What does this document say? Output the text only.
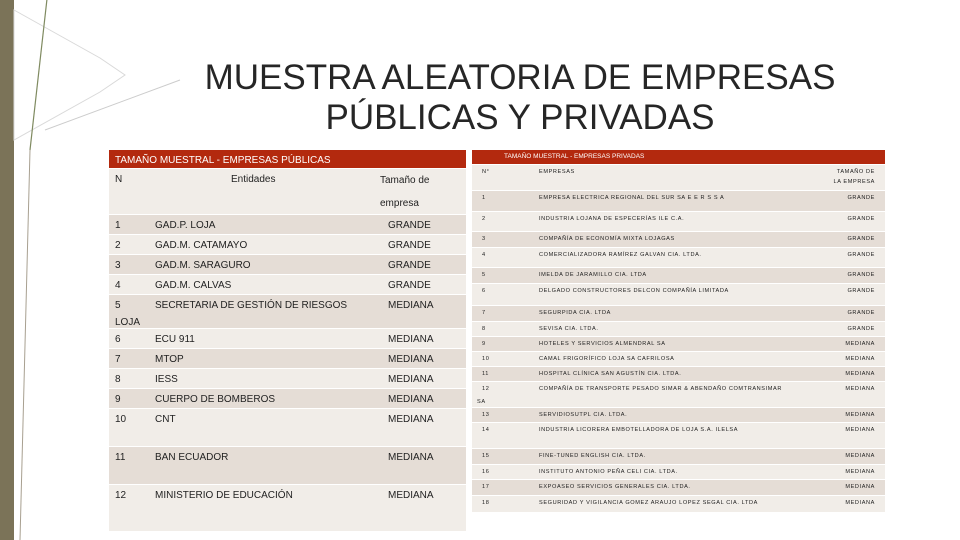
MUESTRA ALEATORIA DE EMPRESAS
PÚBLICAS Y PRIVADAS
TAMAÑO MUESTRAL - EMPRESAS PÚBLICAS
N	Entidades	Tamaño de
empresa

1	GAD.P. LOJA	GRANDE
2	GAD.M. CATAMAYO	GRANDE
3	GAD.M. SARAGURO	GRANDE
4	GAD.M. CALVAS	GRANDE
5	SECRETARIA DE GESTIÓN DE RIESGOS
LOJA	MEDIANA
6	ECU 911	MEDIANA
7	MTOP	MEDIANA
8	IESS	MEDIANA
9	CUERPO DE BOMBEROS	MEDIANA
10	CNT	MEDIANA
11	BAN ECUADOR	MEDIANA
12	MINISTERIO DE EDUCACIÓN	MEDIANA
TAMAÑO MUESTRAL - EMPRESAS PRIVADAS
N°	EMPRESAS	TAMAÑO DE
LA EMPRESA

1	EMPRESA ELECTRICA REGIONAL DEL SUR SA E E R S S A	GRANDE
2	INDUSTRIA LOJANA DE ESPECERÍAS ILE C.A.	GRANDE
3	COMPAÑÍA DE ECONOMÍA MIXTA LOJAGAS	GRANDE
4	COMERCIALIZADORA RAMÍREZ GALVAN CIA. LTDA.	GRANDE
5	IMELDA DE JARAMILLO CIA. LTDA	GRANDE
6	DELGADO CONSTRUCTORES DELCON COMPAÑÍA LIMITADA	GRANDE
7	SEGURPIDA CIA. LTDA	GRANDE
8	SEVISA CIA. LTDA.	GRANDE
9	HOTELES Y SERVICIOS ALMENDRAL SA	MEDIANA
10	CAMAL FRIGORÍFICO LOJA SA CAFRILOSA	MEDIANA
11	HOSPITAL CLÍNICA SAN AGUSTÍN CIA. LTDA.	MEDIANA
12	COMPAÑÍA DE TRANSPORTE PESADO SIMAR & ABENDAÑO COMTRANSIMAR
SA	MEDIANA
13	SERVIDIOSUTPL CIA. LTDA.	MEDIANA
14	INDUSTRIA LICORERA EMBOTELLADORA DE LOJA S.A. ILELSA	MEDIANA
15	FINE-TUNED ENGLISH CIA. LTDA.	MEDIANA
16	INSTITUTO ANTONIO PEÑA CELI CIA. LTDA.	MEDIANA
17	EXPOASEO SERVICIOS GENERALES CIA. LTDA.	MEDIANA
18	SEGURIDAD Y VIGILANCIA GOMEZ ARAUJO LOPEZ SEGAL CIA. LTDA	MEDIANA
